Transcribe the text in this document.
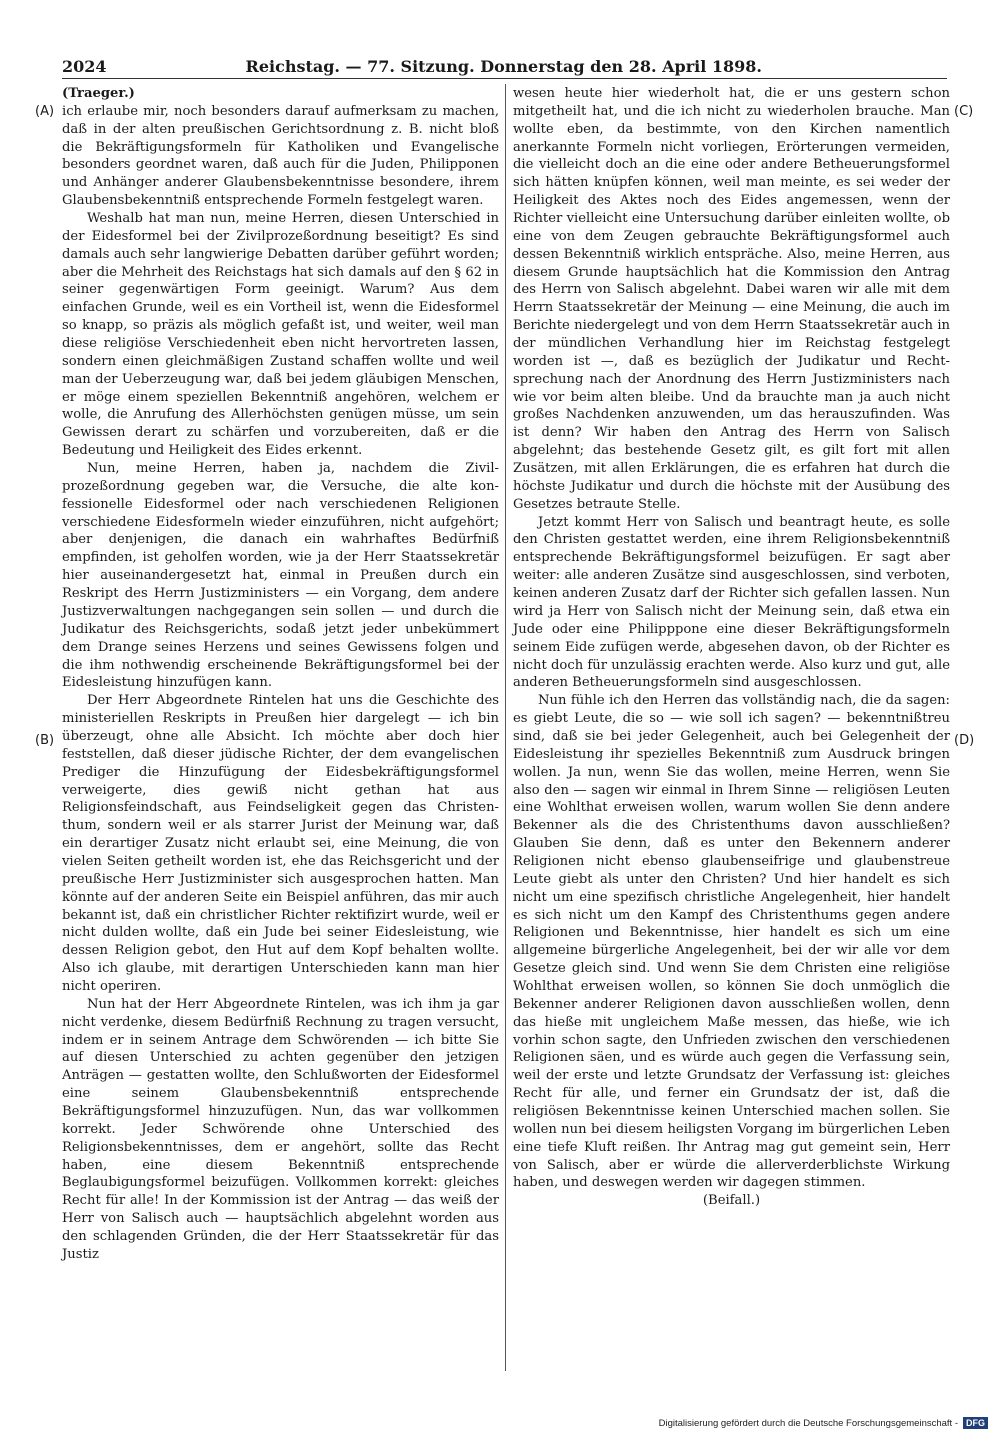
2024	Reichstag. — 77. Sitzung. Donnerstag den 28. April 1898.
(A)
(B)
(C)
(D)

(Traeger.)

ich erlaube mir, noch besonders darauf aufmerksam zu machen, daß in der alten preußischen Gerichtsordnung z. B. nicht bloß die Bekräftigungsformeln für Katholiken und Evangelische besonders geordnet waren, daß auch für die Juden, Philipponen und Anhänger anderer Glaubensbekenntnisse besondere, ihrem Glaubensbekenntniß entsprechende Formeln festgelegt waren.

Weshalb hat man nun, meine Herren, diesen Unterschied in der Eidesformel bei der Zivilprozeßordnung beseitigt? Es sind damals auch sehr langwierige Debatten darüber geführt worden; aber die Mehrheit des Reichstags hat sich damals auf den § 62 in seiner gegenwärtigen Form geeinigt. Warum? Aus dem einfachen Grunde, weil es ein Vortheil ist, wenn die Eidesformel so knapp, so präzis als möglich gefaßt ist, und weiter, weil man diese religiöse Verschiedenheit eben nicht hervortreten lassen, sondern einen gleichmäßigen Zustand schaffen wollte und weil man der Ueberzeugung war, daß bei jedem gläubigen Menschen, er möge einem speziellen Bekenntniß angehören, welchem er wolle, die Anrufung des Allerhöchsten genügen müsse, um sein Gewissen derart zu schärfen und vorzubereiten, daß er die Bedeutung und Heiligkeit des Eides erkennt.

Nun, meine Herren, haben ja, nachdem die Zivilprozeßordnung gegeben war, die Versuche, die alte konfessionelle Eidesformel oder nach verschiedenen Religionen verschiedene Eidesformeln wieder einzuführen, nicht aufgehört; aber denjenigen, die danach ein wahrhaftes Bedürfniß empfinden, ist geholfen worden, wie ja der Herr Staatssekretär hier auseinandergesetzt hat, einmal in Preußen durch ein Reskript des Herrn Justizministers — ein Vorgang, dem andere Justizverwaltungen nachgegangen sein sollen — und durch die Judikatur des Reichsgerichts, sodaß jetzt jeder unbekümmert dem Drange seines Herzens und seines Gewissens folgen und die ihm nothwendig erscheinende Bekräftigungsformel bei der Eidesleistung hinzufügen kann.

Der Herr Abgeordnete Rintelen hat uns die Geschichte des ministeriellen Reskripts in Preußen hier dargelegt — ich bin überzeugt, ohne alle Absicht. Ich möchte aber doch hier feststellen, daß dieser jüdische Richter, der dem evangelischen Prediger die Hinzufügung der Eidesbekräftigungsformel verweigerte, dies gewiß nicht gethan hat aus Religionsfeindschaft, aus Feindseligkeit gegen das Christenthum, sondern weil er als starrer Jurist der Meinung war, daß ein derartiger Zusatz nicht erlaubt sei, eine Meinung, die von vielen Seiten getheilt worden ist, ehe das Reichsgericht und der preußische Herr Justizminister sich ausgesprochen hatten. Man könnte auf der anderen Seite ein Beispiel anführen, das mir auch bekannt ist, daß ein christlicher Richter rektifizirt wurde, weil er nicht dulden wollte, daß ein Jude bei seiner Eidesleistung, wie dessen Religion gebot, den Hut auf dem Kopf behalten wollte. Also ich glaube, mit derartigen Unterschieden kann man hier nicht operiren.

Nun hat der Herr Abgeordnete Rintelen, was ich ihm ja gar nicht verdenke, diesem Bedürfniß Rechnung zu tragen versucht, indem er in seinem Antrage dem Schwörenden — ich bitte Sie auf diesen Unterschied zu achten gegenüber den jetzigen Anträgen — gestatten wollte, den Schlußworten der Eidesformel eine seinem Glaubensbekenntniß entsprechende Bekräftigungsformel hinzuzufügen. Nun, das war vollkommen korrekt. Jeder Schwörende ohne Unterschied des Religionsbekenntnisses, dem er angehört, sollte das Recht haben, eine diesem Bekenntniß entsprechende Beglaubigungsformel beizufügen. Vollkommen korrekt: gleiches Recht für alle! In der Kommission ist der Antrag — das weiß der Herr von Salisch auch — hauptsächlich abgelehnt worden aus den schlagenden Gründen, die der Herr Staatssekretär für das Justiz

wesen heute hier wiederholt hat, die er uns gestern schon mitgetheilt hat, und die ich nicht zu wiederholen brauche. Man wollte eben, da bestimmte, von den Kirchen namentlich anerkannte Formeln nicht vorliegen, Erörterungen vermeiden, die vielleicht doch an die eine oder andere Betheuerungsformel sich hätten knüpfen können, weil man meinte, es sei weder der Heiligkeit des Aktes noch des Eides angemessen, wenn der Richter vielleicht eine Untersuchung darüber einleiten wollte, ob eine von dem Zeugen gebrauchte Bekräftigungsformel auch dessen Bekenntniß wirklich entspräche. Also, meine Herren, aus diesem Grunde hauptsächlich hat die Kommission den Antrag des Herrn von Salisch abgelehnt. Dabei waren wir alle mit dem Herrn Staatssekretär der Meinung — eine Meinung, die auch im Berichte niedergelegt und von dem Herrn Staatssekretär auch in der mündlichen Verhandlung hier im Reichstag festgelegt worden ist —, daß es bezüglich der Judikatur und Rechtsprechung nach der Anordnung des Herrn Justizministers nach wie vor beim alten bleibe. Und da brauchte man ja auch nicht großes Nachdenken anzuwenden, um das herauszufinden. Was ist denn? Wir haben den Antrag des Herrn von Salisch abgelehnt; das bestehende Gesetz gilt, es gilt fort mit allen Zusätzen, mit allen Erklärungen, die es erfahren hat durch die höchste Judikatur und durch die höchste mit der Ausübung des Gesetzes betraute Stelle.

Jetzt kommt Herr von Salisch und beantragt heute, es solle den Christen gestattet werden, eine ihrem Religionsbekenntniß entsprechende Bekräftigungsformel beizufügen. Er sagt aber weiter: alle anderen Zusätze sind ausgeschlossen, sind verboten, keinen anderen Zusatz darf der Richter sich gefallen lassen. Nun wird ja Herr von Salisch nicht der Meinung sein, daß etwa ein Jude oder eine Philipppone eine dieser Bekräftigungsformeln seinem Eide zufügen werde, abgesehen davon, ob der Richter es nicht doch für unzulässig erachten werde. Also kurz und gut, alle anderen Betheuerungsformeln sind ausgeschlossen.

Nun fühle ich den Herren das vollständig nach, die da sagen: es giebt Leute, die so — wie soll ich sagen? — bekenntnißtreu sind, daß sie bei jeder Gelegenheit, auch bei Gelegenheit der Eidesleistung ihr spezielles Bekenntniß zum Ausdruck bringen wollen. Ja nun, wenn Sie das wollen, meine Herren, wenn Sie also den — sagen wir einmal in Ihrem Sinne — religiösen Leuten eine Wohlthat erweisen wollen, warum wollen Sie denn andere Bekenner als die des Christenthums davon ausschließen? Glauben Sie denn, daß es unter den Bekennern anderer Religionen nicht ebenso glaubenseifrige und glaubenstreue Leute giebt als unter den Christen? Und hier handelt es sich nicht um eine spezifisch christliche Angelegenheit, hier handelt es sich nicht um den Kampf des Christenthums gegen andere Religionen und Bekenntnisse, hier handelt es sich um eine allgemeine bürgerliche Angelegenheit, bei der wir alle vor dem Gesetze gleich sind. Und wenn Sie dem Christen eine religiöse Wohlthat erweisen wollen, so können Sie doch unmöglich die Bekenner anderer Religionen davon ausschließen wollen, denn das hieße mit ungleichem Maße messen, das hieße, wie ich vorhin schon sagte, den Unfrieden zwischen den verschiedenen Religionen säen, und es würde auch gegen die Verfassung sein, weil der erste und letzte Grundsatz der Verfassung ist: gleiches Recht für alle, und ferner ein Grundsatz der ist, daß die religiösen Bekenntnisse keinen Unterschied machen sollen. Sie wollen nun bei diesem heiligsten Vorgang im bürgerlichen Leben eine tiefe Kluft reißen. Ihr Antrag mag gut gemeint sein, Herr von Salisch, aber er würde die allerverderblichste Wirkung haben, und deswegen werden wir dagegen stimmen.

(Beifall.)

Digitalisierung gefördert durch die Deutsche Forschungsgemeinschaft - DFG
